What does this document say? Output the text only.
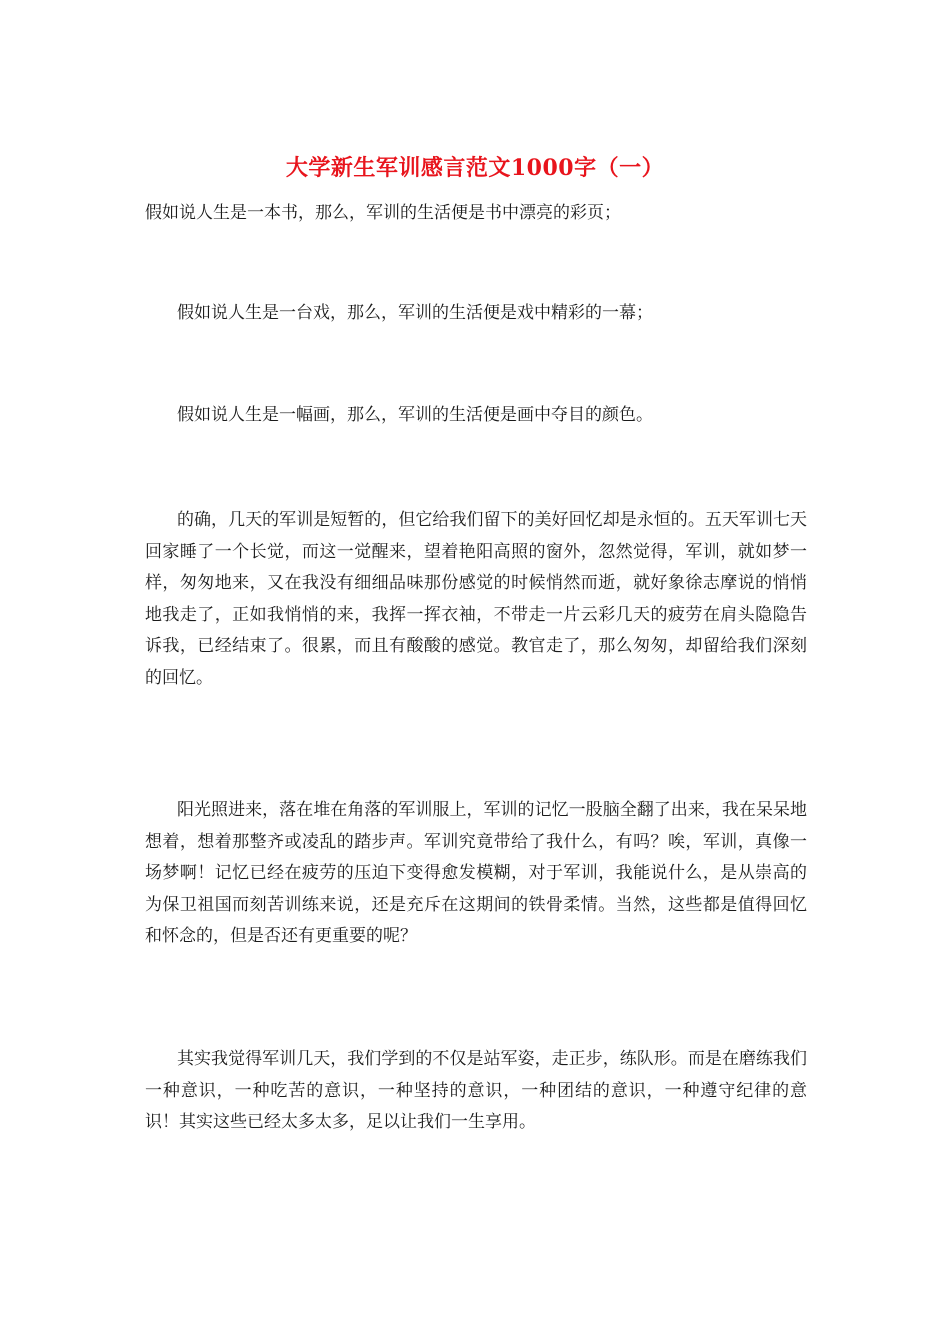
大学新生军训感言范文1000字（一）

假如说人生是一本书，那么，军训的生活便是书中漂亮的彩页；

假如说人生是一台戏，那么，军训的生活便是戏中精彩的一幕；

假如说人生是一幅画，那么，军训的生活便是画中夺目的颜色。

的确，几天的军训是短暂的，但它给我们留下的美好回忆却是永恒的。五天军训七天回家睡了一个长觉，而这一觉醒来，望着艳阳高照的窗外，忽然觉得，军训，就如梦一样，匆匆地来，又在我没有细细品味那份感觉的时候悄然而逝，就好象徐志摩说的悄悄地我走了，正如我悄悄的来，我挥一挥衣袖，不带走一片云彩几天的疲劳在肩头隐隐告诉我，已经结束了。很累，而且有酸酸的感觉。教官走了，那么匆匆，却留给我们深刻的回忆。

阳光照进来，落在堆在角落的军训服上，军训的记忆一股脑全翻了出来，我在呆呆地想着，想着那整齐或凌乱的踏步声。军训究竟带给了我什么，有吗？唉，军训，真像一场梦啊！记忆已经在疲劳的压迫下变得愈发模糊，对于军训，我能说什么，是从崇高的为保卫祖国而刻苦训练来说，还是充斥在这期间的铁骨柔情。当然，这些都是值得回忆和怀念的，但是否还有更重要的呢？

其实我觉得军训几天，我们学到的不仅是站军姿，走正步，练队形。而是在磨练我们一种意识，一种吃苦的意识，一种坚持的意识，一种团结的意识，一种遵守纪律的意识！其实这些已经太多太多，足以让我们一生享用。
